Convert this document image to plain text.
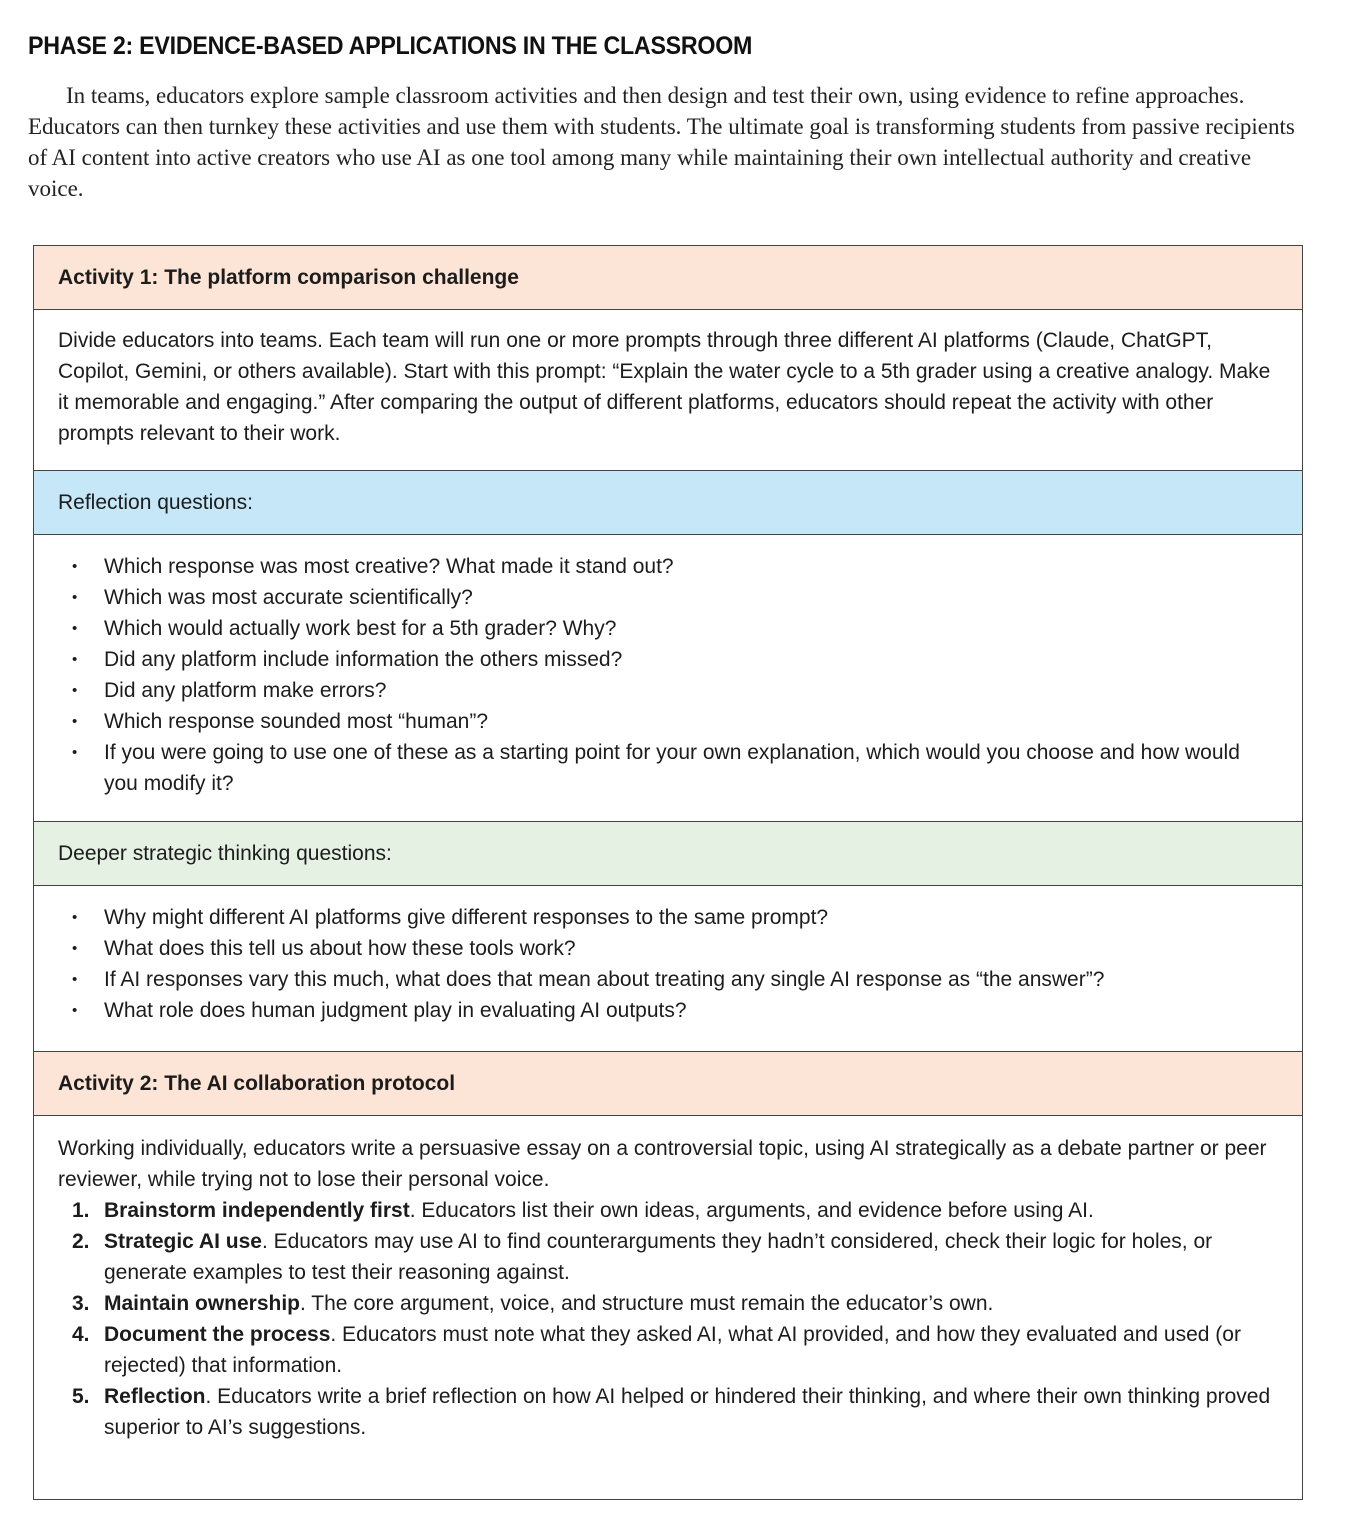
PHASE 2: EVIDENCE-BASED APPLICATIONS IN THE CLASSROOM

In teams, educators explore sample classroom activities and then design and test their own, using evidence to refine approaches. Educators can then turnkey these activities and use them with students. The ultimate goal is transforming students from passive recipients of AI content into active creators who use AI as one tool among many while maintaining their own intellectual authority and creative voice.

Activity 1: The platform comparison challenge
Divide educators into teams. Each team will run one or more prompts through three different AI platforms (Claude, ChatGPT, Copilot, Gemini, or others available). Start with this prompt: “Explain the water cycle to a 5th grader using a creative analogy. Make it memorable and engaging.” After comparing the output of different platforms, educators should repeat the activity with other prompts relevant to their work.
Reflection questions:
• Which response was most creative? What made it stand out?
• Which was most accurate scientifically?
• Which would actually work best for a 5th grader? Why?
• Did any platform include information the others missed?
• Did any platform make errors?
• Which response sounded most “human”?
• If you were going to use one of these as a starting point for your own explanation, which would you choose and how would you modify it?
Deeper strategic thinking questions:
• Why might different AI platforms give different responses to the same prompt?
• What does this tell us about how these tools work?
• If AI responses vary this much, what does that mean about treating any single AI response as “the answer”?
• What role does human judgment play in evaluating AI outputs?
Activity 2: The AI collaboration protocol
Working individually, educators write a persuasive essay on a controversial topic, using AI strategically as a debate partner or peer reviewer, while trying not to lose their personal voice.
1. Brainstorm independently first. Educators list their own ideas, arguments, and evidence before using AI.
2. Strategic AI use. Educators may use AI to find counterarguments they hadn’t considered, check their logic for holes, or generate examples to test their reasoning against.
3. Maintain ownership. The core argument, voice, and structure must remain the educator’s own.
4. Document the process. Educators must note what they asked AI, what AI provided, and how they evaluated and used (or rejected) that information.
5. Reflection. Educators write a brief reflection on how AI helped or hindered their thinking, and where their own thinking proved superior to AI’s suggestions.
